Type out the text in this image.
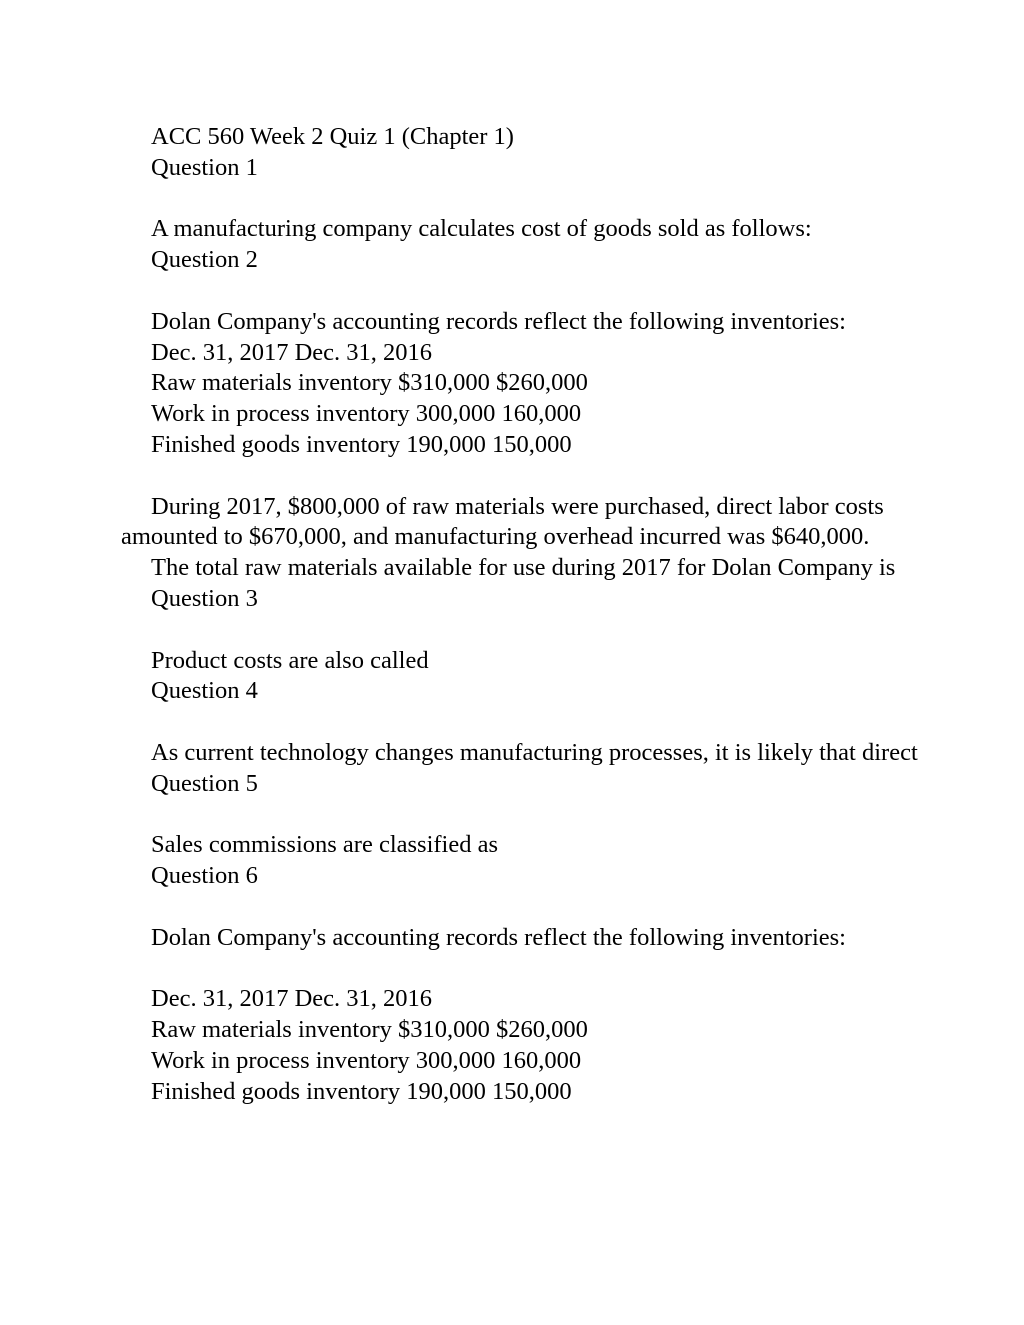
ACC 560 Week 2 Quiz 1 (Chapter 1)

Question 1

A manufacturing company calculates cost of goods sold as follows:

Question 2

Dolan Company's accounting records reflect the following inventories:

Dec. 31, 2017 Dec. 31, 2016

Raw materials inventory $310,000 $260,000

Work in process inventory 300,000 160,000

Finished goods inventory 190,000 150,000

During 2017, $800,000 of raw materials were purchased, direct labor costs amounted to $670,000, and manufacturing overhead incurred was $640,000.

The total raw materials available for use during 2017 for Dolan Company is

Question 3

Product costs are also called

Question 4

As current technology changes manufacturing processes, it is likely that direct

Question 5

Sales commissions are classified as

Question 6

Dolan Company's accounting records reflect the following inventories:

Dec. 31, 2017 Dec. 31, 2016

Raw materials inventory $310,000 $260,000

Work in process inventory 300,000 160,000

Finished goods inventory 190,000 150,000
